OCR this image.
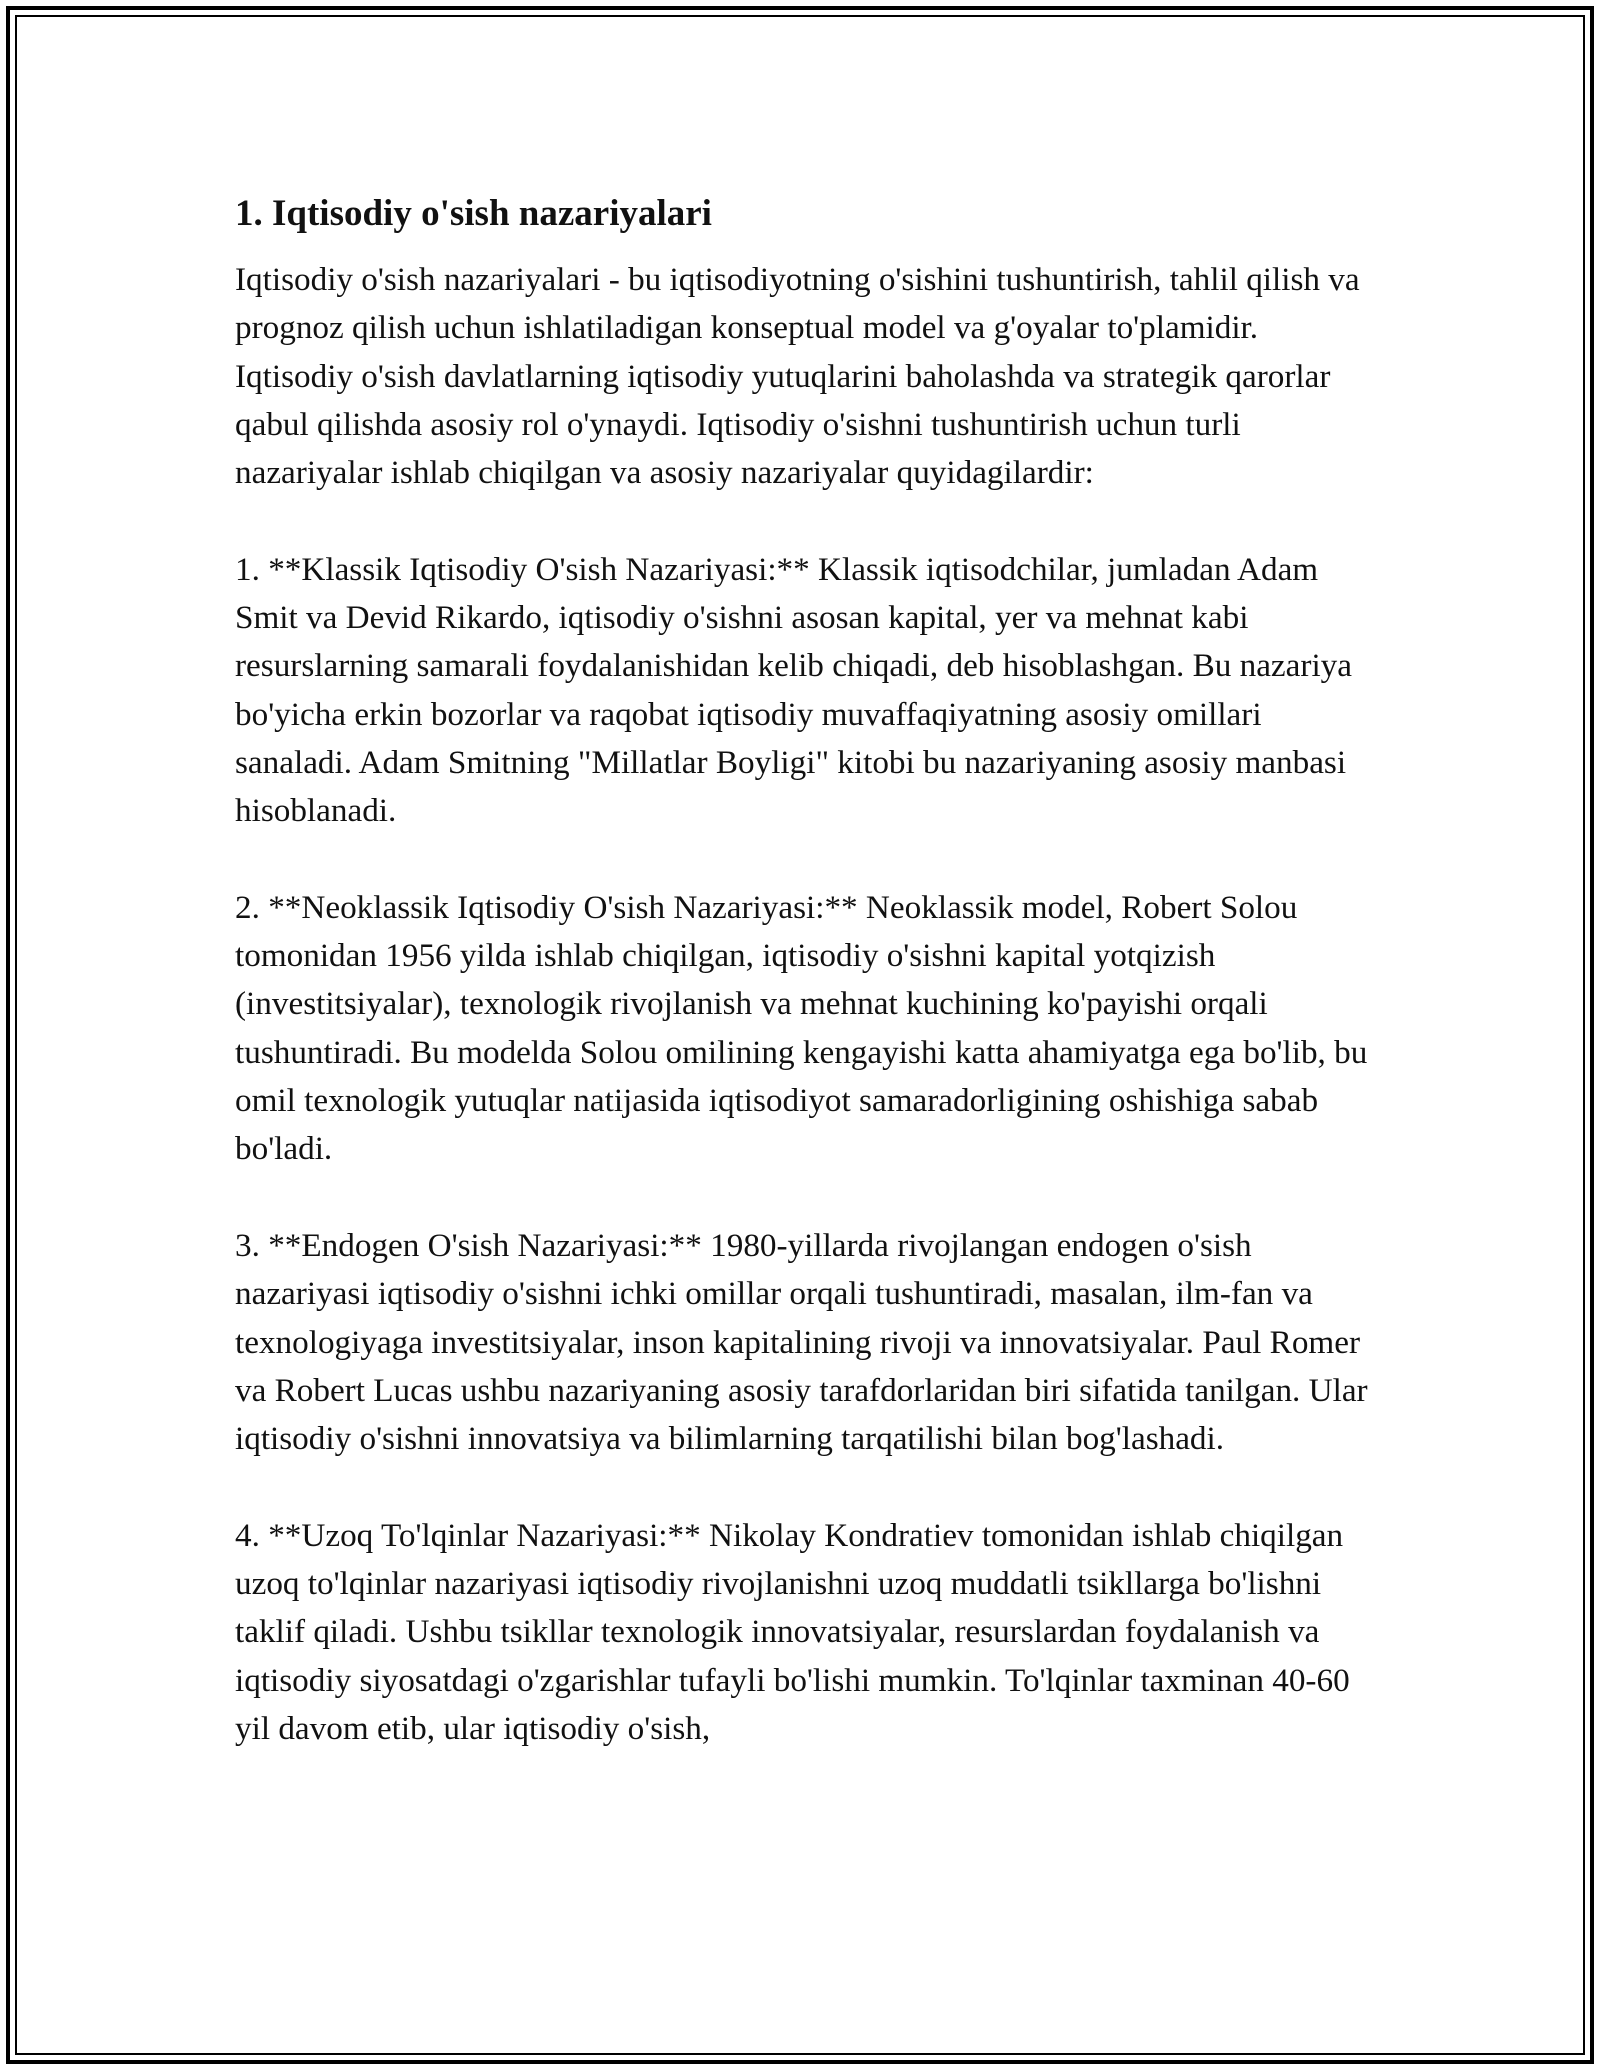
1. Iqtisodiy o'sish nazariyalari

Iqtisodiy o'sish nazariyalari - bu iqtisodiyotning o'sishini tushuntirish, tahlil qilish va prognoz qilish uchun ishlatiladigan konseptual model va g'oyalar to'plamidir. Iqtisodiy o'sish davlatlarning iqtisodiy yutuqlarini baholashda va strategik qarorlar qabul qilishda asosiy rol o'ynaydi. Iqtisodiy o'sishni tushuntirish uchun turli nazariyalar ishlab chiqilgan va asosiy nazariyalar quyidagilardir:

1. **Klassik Iqtisodiy O'sish Nazariyasi:** Klassik iqtisodchilar, jumladan Adam Smit va Devid Rikardo, iqtisodiy o'sishni asosan kapital, yer va mehnat kabi resurslarning samarali foydalanishidan kelib chiqadi, deb hisoblashgan. Bu nazariya bo'yicha erkin bozorlar va raqobat iqtisodiy muvaffaqiyatning asosiy omillari sanaladi. Adam Smitning "Millatlar Boyligi" kitobi bu nazariyaning asosiy manbasi hisoblanadi.

2. **Neoklassik Iqtisodiy O'sish Nazariyasi:** Neoklassik model, Robert Solou tomonidan 1956 yilda ishlab chiqilgan, iqtisodiy o'sishni kapital yotqizish (investitsiyalar), texnologik rivojlanish va mehnat kuchining ko'payishi orqali tushuntiradi. Bu modelda Solou omilining kengayishi katta ahamiyatga ega bo'lib, bu omil texnologik yutuqlar natijasida iqtisodiyot samaradorligining oshishiga sabab bo'ladi.

3. **Endogen O'sish Nazariyasi:** 1980-yillarda rivojlangan endogen o'sish nazariyasi iqtisodiy o'sishni ichki omillar orqali tushuntiradi, masalan, ilm-fan va texnologiyaga investitsiyalar, inson kapitalining rivoji va innovatsiyalar. Paul Romer va Robert Lucas ushbu nazariyaning asosiy tarafdorlaridan biri sifatida tanilgan. Ular iqtisodiy o'sishni innovatsiya va bilimlarning tarqatilishi bilan bog'lashadi.

4. **Uzoq To'lqinlar Nazariyasi:** Nikolay Kondratiev tomonidan ishlab chiqilgan uzoq to'lqinlar nazariyasi iqtisodiy rivojlanishni uzoq muddatli tsikllarga bo'lishni taklif qiladi. Ushbu tsikllar texnologik innovatsiyalar, resurslardan foydalanish va iqtisodiy siyosatdagi o'zgarishlar tufayli bo'lishi mumkin. To'lqinlar taxminan 40-60 yil davom etib, ular iqtisodiy o'sish,
